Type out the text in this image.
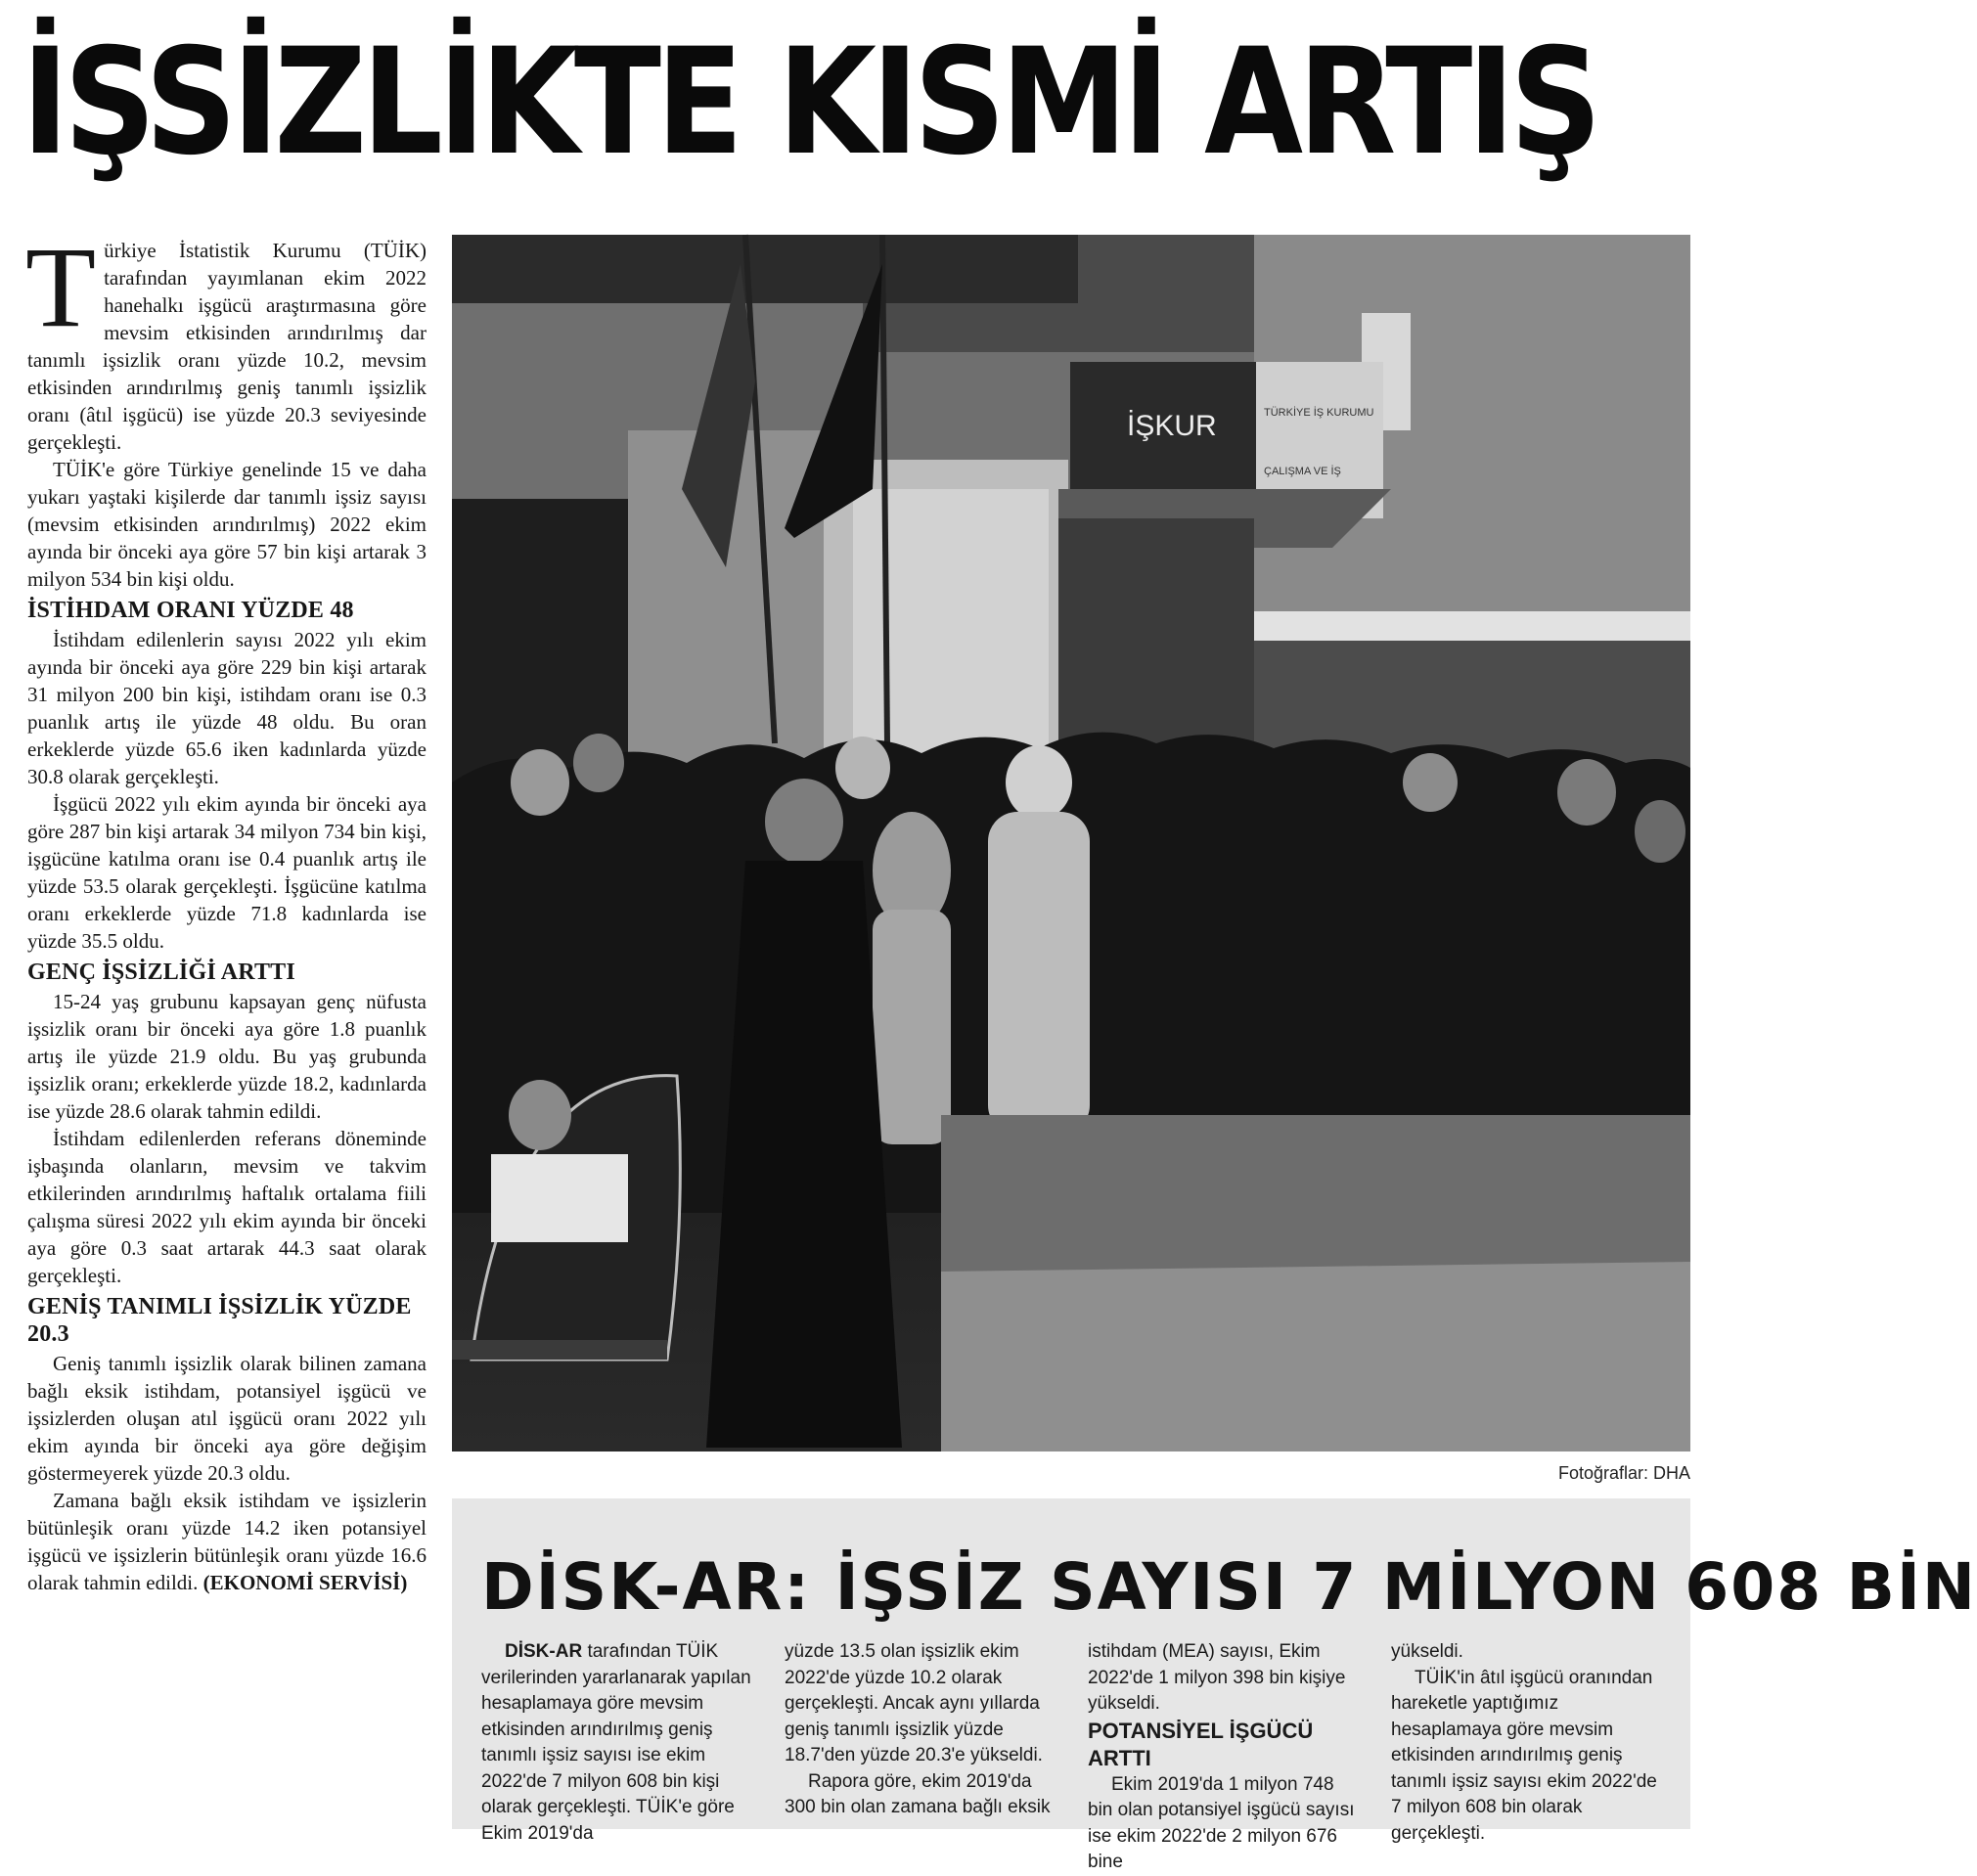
İŞSİZLİKTE KISMİ ARTIŞ

Türkiye İstatistik Kurumu (TÜİK) tarafından yayımlanan ekim 2022 hanehalkı işgücü araştırmasına göre mevsim etkisinden arındırılmış dar tanımlı işsizlik oranı yüzde 10.2, mevsim etkisinden arındırılmış geniş tanımlı işsizlik oranı (âtıl işgücü) ise yüzde 20.3 seviyesinde gerçekleşti.

TÜİK'e göre Türkiye genelinde 15 ve daha yukarı yaştaki kişilerde dar tanımlı işsiz sayısı (mevsim etkisinden arındırılmış) 2022 ekim ayında bir önceki aya göre 57 bin kişi artarak 3 milyon 534 bin kişi oldu.

İSTİHDAM ORANI YÜZDE 48

İstihdam edilenlerin sayısı 2022 yılı ekim ayında bir önceki aya göre 229 bin kişi artarak 31 milyon 200 bin kişi, istihdam oranı ise 0.3 puanlık artış ile yüzde 48 oldu. Bu oran erkeklerde yüzde 65.6 iken kadınlarda yüzde 30.8 olarak gerçekleşti.

İşgücü 2022 yılı ekim ayında bir önceki aya göre 287 bin kişi artarak 34 milyon 734 bin kişi, işgücüne katılma oranı ise 0.4 puanlık artış ile yüzde 53.5 olarak gerçekleşti. İşgücüne katılma oranı erkeklerde yüzde 71.8 kadınlarda ise yüzde 35.5 oldu.

GENÇ İŞSİZLİĞİ ARTTI

15-24 yaş grubunu kapsayan genç nüfusta işsizlik oranı bir önceki aya göre 1.8 puanlık artış ile yüzde 21.9 oldu. Bu yaş grubunda işsizlik oranı; erkeklerde yüzde 18.2, kadınlarda ise yüzde 28.6 olarak tahmin edildi.

İstihdam edilenlerden referans döneminde işbaşında olanların, mevsim ve takvim etkilerinden arındırılmış haftalık ortalama fiili çalışma süresi 2022 yılı ekim ayında bir önceki aya göre 0.3 saat artarak 44.3 saat olarak gerçekleşti.

GENİŞ TANIMLI İŞSİZLİK YÜZDE 20.3

Geniş tanımlı işsizlik olarak bilinen zamana bağlı eksik istihdam, potansiyel işgücü ve işsizlerden oluşan atıl işgücü oranı 2022 yılı ekim ayında bir önceki aya göre değişim göstermeyerek yüzde 20.3 oldu.

Zamana bağlı eksik istihdam ve işsizlerin bütünleşik oranı yüzde 14.2 iken potansiyel işgücü ve işsizlerin bütünleşik oranı yüzde 16.6 olarak tahmin edildi. (EKONOMİ SERVİSİ)

İŞKUR	TÜRKİYE İŞ KURUMU
ÇALIŞMA VE İŞ
Fotoğraflar: DHA
DİSK-AR: İŞSİZ SAYISI 7 MİLYON 608 BİN

DİSK-AR tarafından TÜİK verilerinden yararlanarak yapılan hesaplamaya göre mevsim etkisinden arındırılmış geniş tanımlı işsiz sayısı ise ekim 2022'de 7 milyon 608 bin kişi olarak gerçekleşti. TÜİK'e göre Ekim 2019'da

yüzde 13.5 olan işsizlik ekim 2022'de yüzde 10.2 olarak gerçekleşti. Ancak aynı yıllarda geniş tanımlı işsizlik yüzde 18.7'den yüzde 20.3'e yükseldi.

Rapora göre, ekim 2019'da 300 bin olan zamana bağlı eksik

istihdam (MEA) sayısı, Ekim 2022'de 1 milyon 398 bin kişiye yükseldi.

POTANSİYEL İŞGÜCÜ ARTTI

Ekim 2019'da 1 milyon 748 bin olan potansiyel işgücü sayısı ise ekim 2022'de 2 milyon 676 bine

yükseldi.

TÜİK'in âtıl işgücü oranından hareketle yaptığımız hesaplamaya göre mevsim etkisinden arındırılmış geniş tanımlı işsiz sayısı ekim 2022'de 7 milyon 608 bin olarak gerçekleşti.
